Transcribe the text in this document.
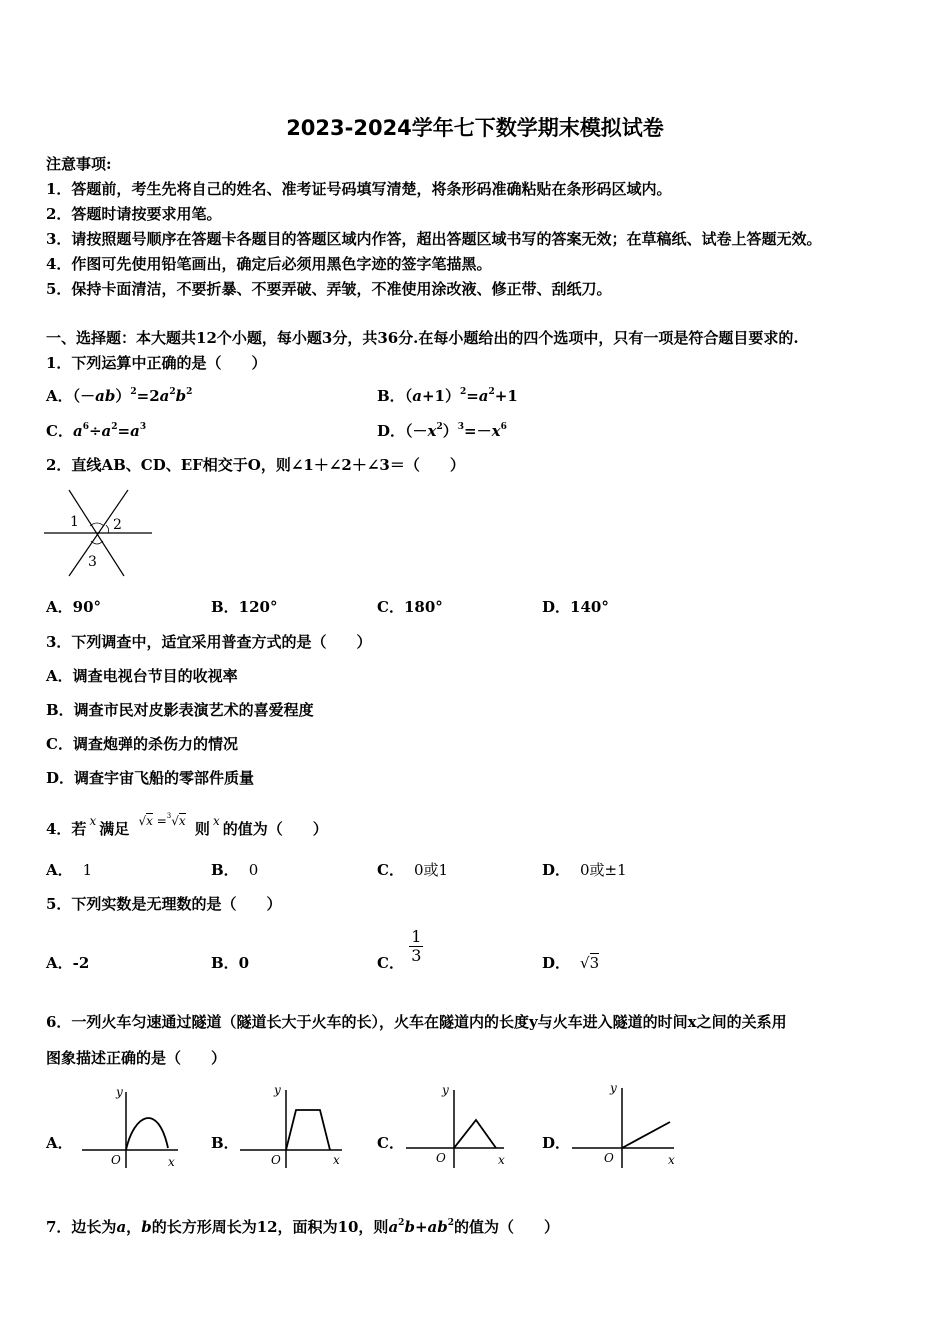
2023-2024学年七下数学期末模拟试卷
注意事项:
1．答题前，考生先将自己的姓名、准考证号码填写清楚，将条形码准确粘贴在条形码区域内。
2．答题时请按要求用笔。
3．请按照题号顺序在答题卡各题目的答题区域内作答，超出答题区域书写的答案无效；在草稿纸、试卷上答题无效。
4．作图可先使用铅笔画出，确定后必须用黑色字迹的签字笔描黑。
5．保持卡面清洁，不要折暴、不要弄破、弄皱，不准使用涂改液、修正带、刮纸刀。
一、选择题：本大题共12个小题，每小题3分，共36分.在每小题给出的四个选项中，只有一项是符合题目要求的.
1．下列运算中正确的是（　　）
A．$(-ab)^2=2a^2b^2$	B．$(a+1)^2=a^2+1$
C．$a^6\div a^2=a^3$	D．$(-x^2)^3=-x^6$
2．直线AB、CD、EF相交于O，则∠1＋∠2＋∠3＝（　　）
1 2
3
A．90°	B．120°	C．180°	D．140°
3．下列调查中，适宜采用普查方式的是（　　）
A．调查电视台节目的收视率
B．调查市民对皮影表演艺术的喜爱程度
C．调查炮弹的杀伤力的情况
D．调查宇宙飞船的零部件质量
4．若 $^x$ 满足 √x =$^3$√x 则 $^x$ 的值为（　　）
A． 1	B． 0	C． 0或1	D． 0或±1
5．下列实数是无理数的是（　　）
A．-2	B．0	C． $\frac{1}{3}$	D． √3
6．一列火车匀速通过隧道（隧道长大于火车的长），火车在隧道内的长度y与火车进入隧道的时间x之间的关系用
图象描述正确的是（　　）
A．
y
x
O
B．
y
x
O
C．
y
x
O
D．
y
x
O
7．边长为a，b的长方形周长为12，面积为10，则$a^2b+ab^2$的值为（　　）
